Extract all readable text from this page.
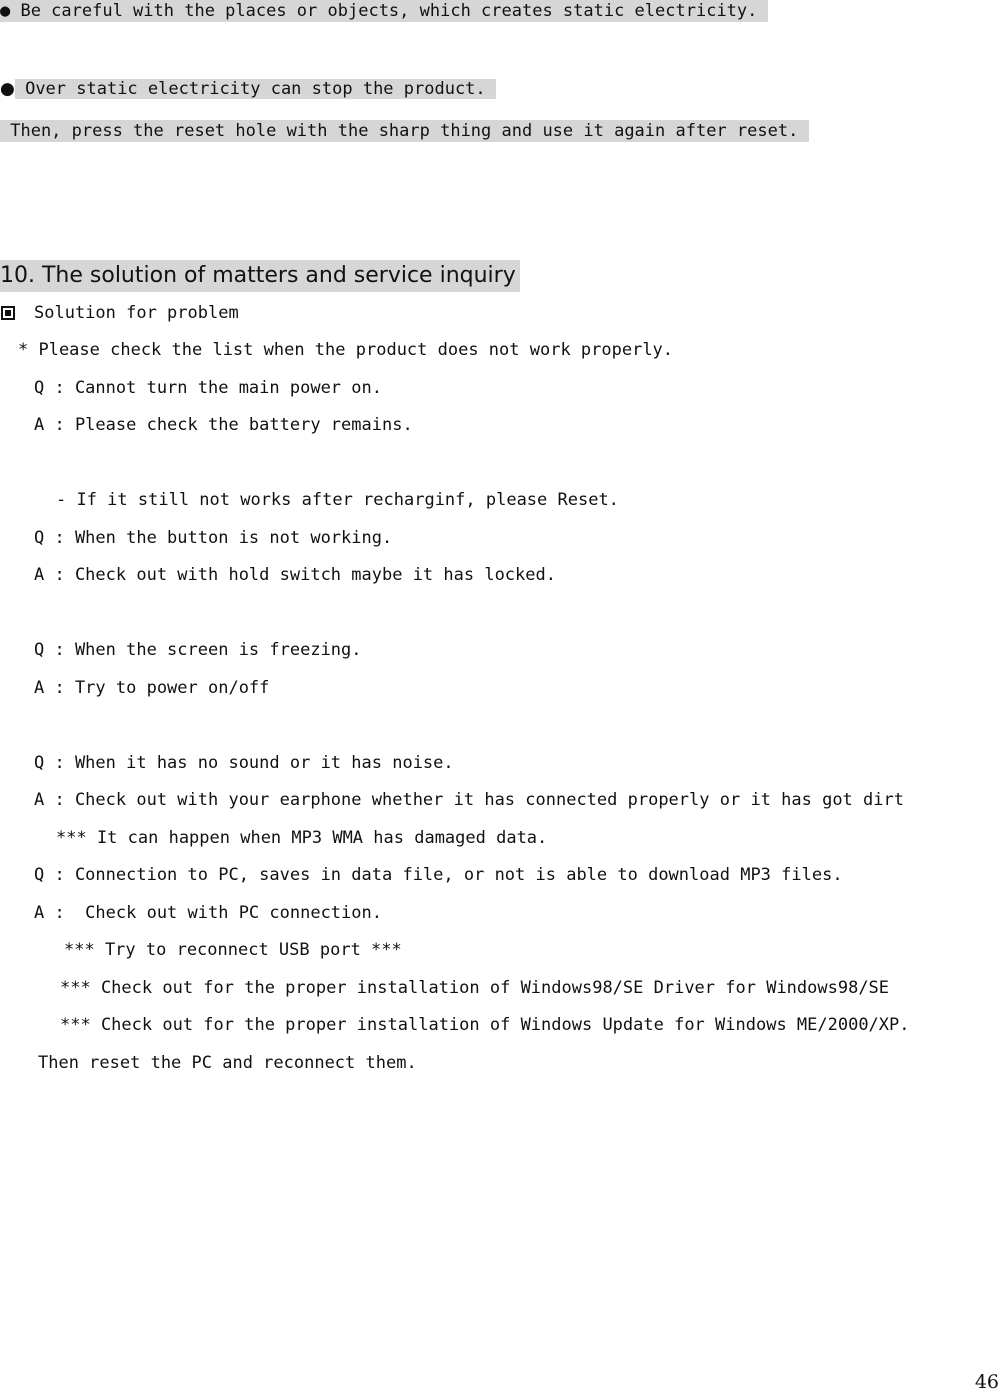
● Be careful with the places or objects, which creates static electricity.
● Over static electricity can stop the product.
Then, press the reset hole with the sharp thing and use it again after reset.
10. The solution of matters and service inquiry
Solution for problem
* Please check the list when the product does not work properly.
Q : Cannot turn the main power on.
A : Please check the battery remains.
- If it still not works after recharginf, please Reset.
Q : When the button is not working.
A : Check out with hold switch maybe it has locked.
Q : When the screen is freezing.
A : Try to power on/off
Q : When it has no sound or it has noise.
A : Check out with your earphone whether it has connected properly or it has got dirt
*** It can happen when MP3 WMA has damaged data.
Q : Connection to PC, saves in data file, or not is able to download MP3 files.
A :  Check out with PC connection.
*** Try to reconnect USB port ***
*** Check out for the proper installation of Windows98/SE Driver for Windows98/SE
*** Check out for the proper installation of Windows Update for Windows ME/2000/XP.
Then reset the PC and reconnect them.
46
